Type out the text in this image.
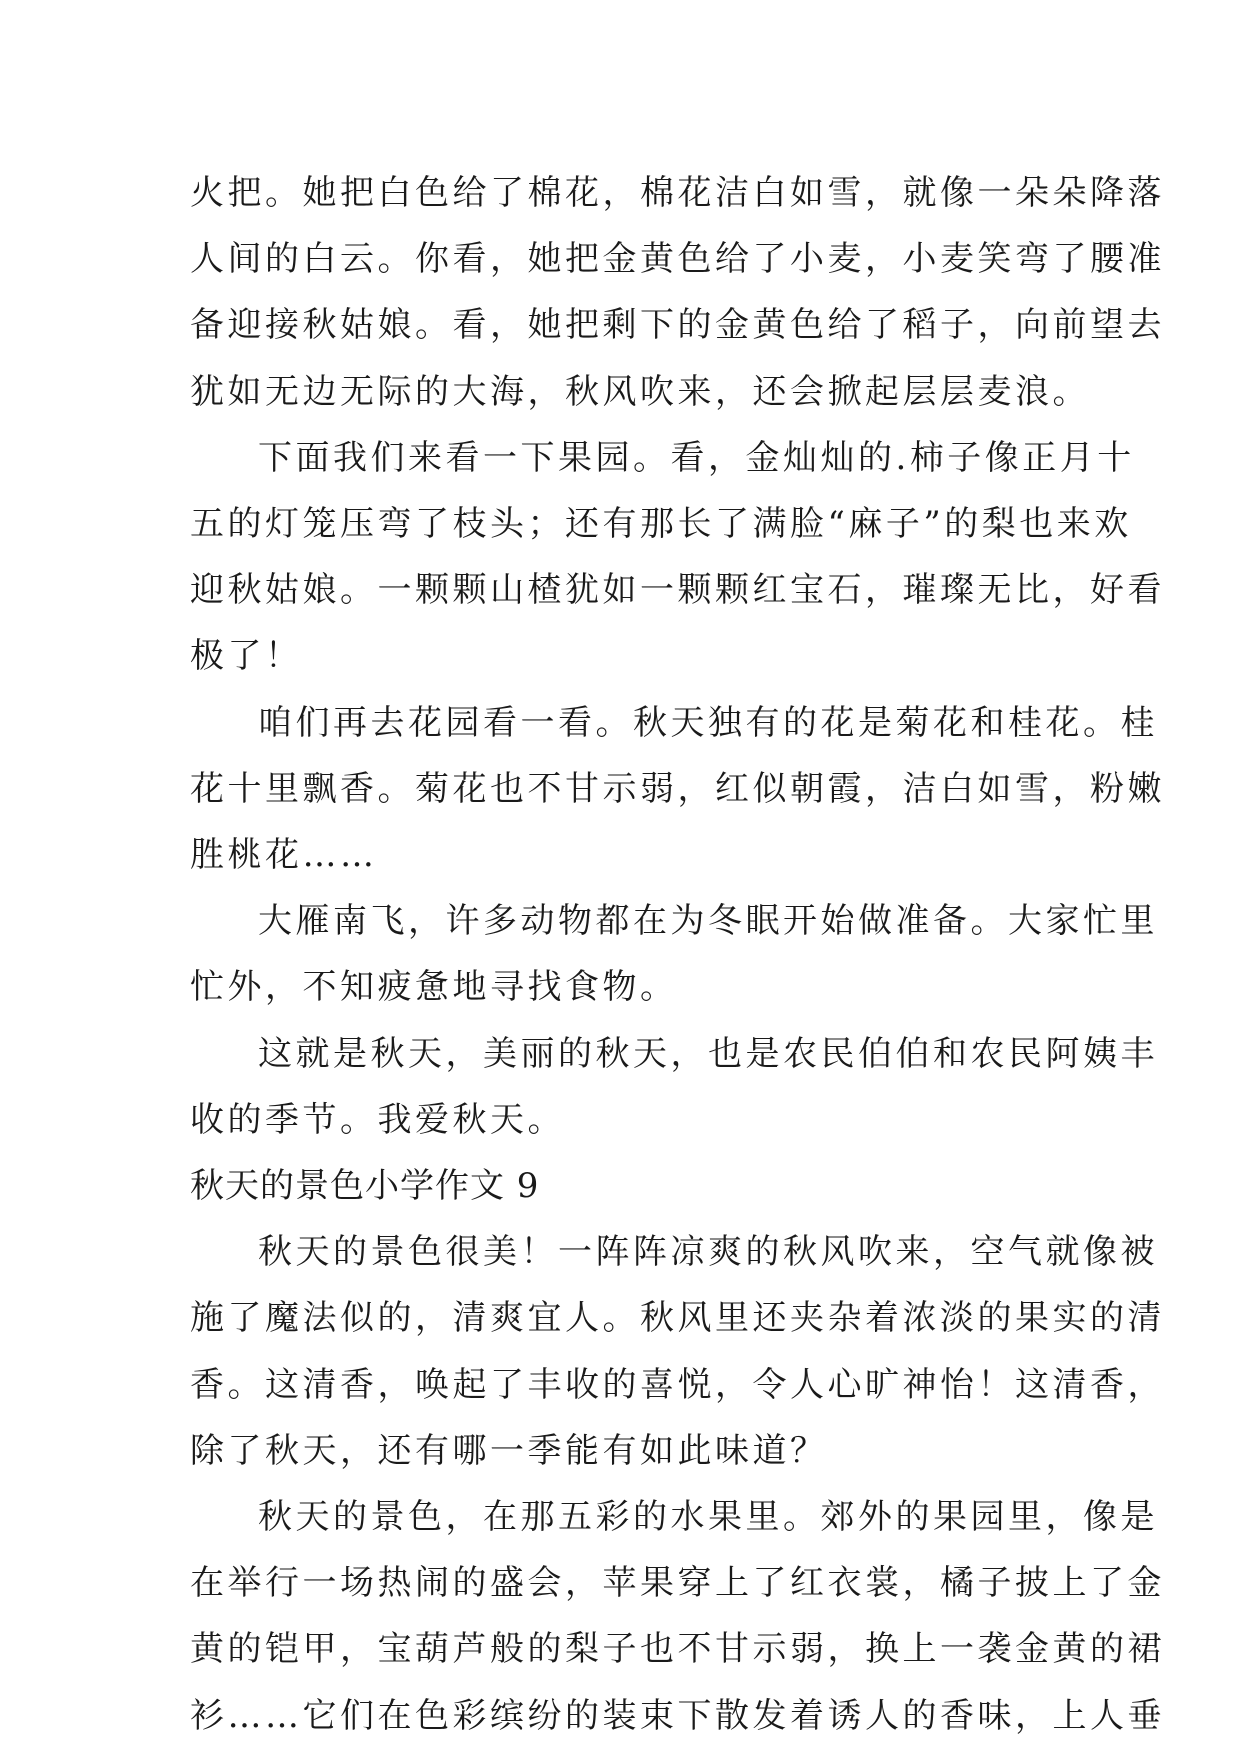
火把。她把白色给了棉花，棉花洁白如雪，就像一朵朵降落
人间的白云。你看，她把金黄色给了小麦，小麦笑弯了腰准
备迎接秋姑娘。看，她把剩下的金黄色给了稻子，向前望去
犹如无边无际的大海，秋风吹来，还会掀起层层麦浪。
下面我们来看一下果园。看，金灿灿的.柿子像正月十
五的灯笼压弯了枝头；还有那长了满脸“麻子”的梨也来欢
迎秋姑娘。一颗颗山楂犹如一颗颗红宝石，璀璨无比，好看
极了！
咱们再去花园看一看。秋天独有的花是菊花和桂花。桂
花十里飘香。菊花也不甘示弱，红似朝霞，洁白如雪，粉嫩
胜桃花……
大雁南飞，许多动物都在为冬眠开始做准备。大家忙里
忙外，不知疲惫地寻找食物。
这就是秋天，美丽的秋天，也是农民伯伯和农民阿姨丰
收的季节。我爱秋天。
秋天的景色小学作文 9
秋天的景色很美！一阵阵凉爽的秋风吹来，空气就像被
施了魔法似的，清爽宜人。秋风里还夹杂着浓淡的果实的清
香。这清香，唤起了丰收的喜悦，令人心旷神怡！这清香，
除了秋天，还有哪一季能有如此味道？
秋天的景色，在那五彩的水果里。郊外的果园里，像是
在举行一场热闹的盛会，苹果穿上了红衣裳，橘子披上了金
黄的铠甲，宝葫芦般的梨子也不甘示弱，换上一袭金黄的裙
衫……它们在色彩缤纷的装束下散发着诱人的香味，上人垂
